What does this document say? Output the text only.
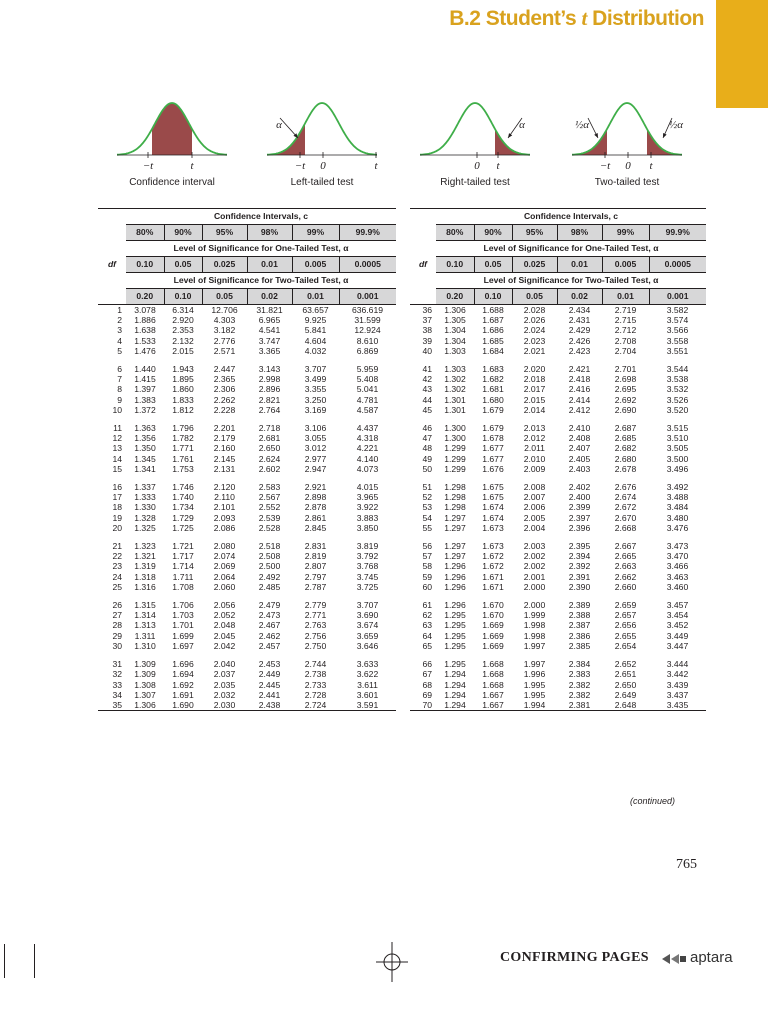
B.2 Student’s t Distribution
−t	t
Confidence interval
−t 0	t
Left-tailed test
0 t
Right-tailed test
−t 0 t
Two-tailed test
α	α	½α	½α
	Confidence Intervals, c					
	80%	90%	95%	98%	99%	99.9%
	Level of Significance for One-Tailed Test, α					
df	0.10	0.05	0.025	0.01	0.005	0.0005
	Level of Significance for Two-Tailed Test, α					
	0.20	0.10	0.05	0.02	0.01	0.001
1	3.078	6.314	12.706	31.821	63.657	636.619
2	1.886	2.920	4.303	6.965	9.925	31.599
3	1.638	2.353	3.182	4.541	5.841	12.924
4	1.533	2.132	2.776	3.747	4.604	8.610
5	1.476	2.015	2.571	3.365	4.032	6.869

6	1.440	1.943	2.447	3.143	3.707	5.959
7	1.415	1.895	2.365	2.998	3.499	5.408
8	1.397	1.860	2.306	2.896	3.355	5.041
9	1.383	1.833	2.262	2.821	3.250	4.781
10	1.372	1.812	2.228	2.764	3.169	4.587

11	1.363	1.796	2.201	2.718	3.106	4.437
12	1.356	1.782	2.179	2.681	3.055	4.318
13	1.350	1.771	2.160	2.650	3.012	4.221
14	1.345	1.761	2.145	2.624	2.977	4.140
15	1.341	1.753	2.131	2.602	2.947	4.073

16	1.337	1.746	2.120	2.583	2.921	4.015
17	1.333	1.740	2.110	2.567	2.898	3.965
18	1.330	1.734	2.101	2.552	2.878	3.922
19	1.328	1.729	2.093	2.539	2.861	3.883
20	1.325	1.725	2.086	2.528	2.845	3.850

21	1.323	1.721	2.080	2.518	2.831	3.819
22	1.321	1.717	2.074	2.508	2.819	3.792
23	1.319	1.714	2.069	2.500	2.807	3.768
24	1.318	1.711	2.064	2.492	2.797	3.745
25	1.316	1.708	2.060	2.485	2.787	3.725

26	1.315	1.706	2.056	2.479	2.779	3.707
27	1.314	1.703	2.052	2.473	2.771	3.690
28	1.313	1.701	2.048	2.467	2.763	3.674
29	1.311	1.699	2.045	2.462	2.756	3.659
30	1.310	1.697	2.042	2.457	2.750	3.646

31	1.309	1.696	2.040	2.453	2.744	3.633
32	1.309	1.694	2.037	2.449	2.738	3.622
33	1.308	1.692	2.035	2.445	2.733	3.611
34	1.307	1.691	2.032	2.441	2.728	3.601
35	1.306	1.690	2.030	2.438	2.724	3.591
	Confidence Intervals, c					
	80%	90%	95%	98%	99%	99.9%
	Level of Significance for One-Tailed Test, α					
df	0.10	0.05	0.025	0.01	0.005	0.0005
	Level of Significance for Two-Tailed Test, α					
	0.20	0.10	0.05	0.02	0.01	0.001
36	1.306	1.688	2.028	2.434	2.719	3.582
37	1.305	1.687	2.026	2.431	2.715	3.574
38	1.304	1.686	2.024	2.429	2.712	3.566
39	1.304	1.685	2.023	2.426	2.708	3.558
40	1.303	1.684	2.021	2.423	2.704	3.551

41	1.303	1.683	2.020	2.421	2.701	3.544
42	1.302	1.682	2.018	2.418	2.698	3.538
43	1.302	1.681	2.017	2.416	2.695	3.532
44	1.301	1.680	2.015	2.414	2.692	3.526
45	1.301	1.679	2.014	2.412	2.690	3.520

46	1.300	1.679	2.013	2.410	2.687	3.515
47	1.300	1.678	2.012	2.408	2.685	3.510
48	1.299	1.677	2.011	2.407	2.682	3.505
49	1.299	1.677	2.010	2.405	2.680	3.500
50	1.299	1.676	2.009	2.403	2.678	3.496

51	1.298	1.675	2.008	2.402	2.676	3.492
52	1.298	1.675	2.007	2.400	2.674	3.488
53	1.298	1.674	2.006	2.399	2.672	3.484
54	1.297	1.674	2.005	2.397	2.670	3.480
55	1.297	1.673	2.004	2.396	2.668	3.476

56	1.297	1.673	2.003	2.395	2.667	3.473
57	1.297	1.672	2.002	2.394	2.665	3.470
58	1.296	1.672	2.002	2.392	2.663	3.466
59	1.296	1.671	2.001	2.391	2.662	3.463
60	1.296	1.671	2.000	2.390	2.660	3.460

61	1.296	1.670	2.000	2.389	2.659	3.457
62	1.295	1.670	1.999	2.388	2.657	3.454
63	1.295	1.669	1.998	2.387	2.656	3.452
64	1.295	1.669	1.998	2.386	2.655	3.449
65	1.295	1.669	1.997	2.385	2.654	3.447

66	1.295	1.668	1.997	2.384	2.652	3.444
67	1.294	1.668	1.996	2.383	2.651	3.442
68	1.294	1.668	1.995	2.382	2.650	3.439
69	1.294	1.667	1.995	2.382	2.649	3.437
70	1.294	1.667	1.994	2.381	2.648	3.435
(continued)
765
CONFIRMING PAGES	aptara
